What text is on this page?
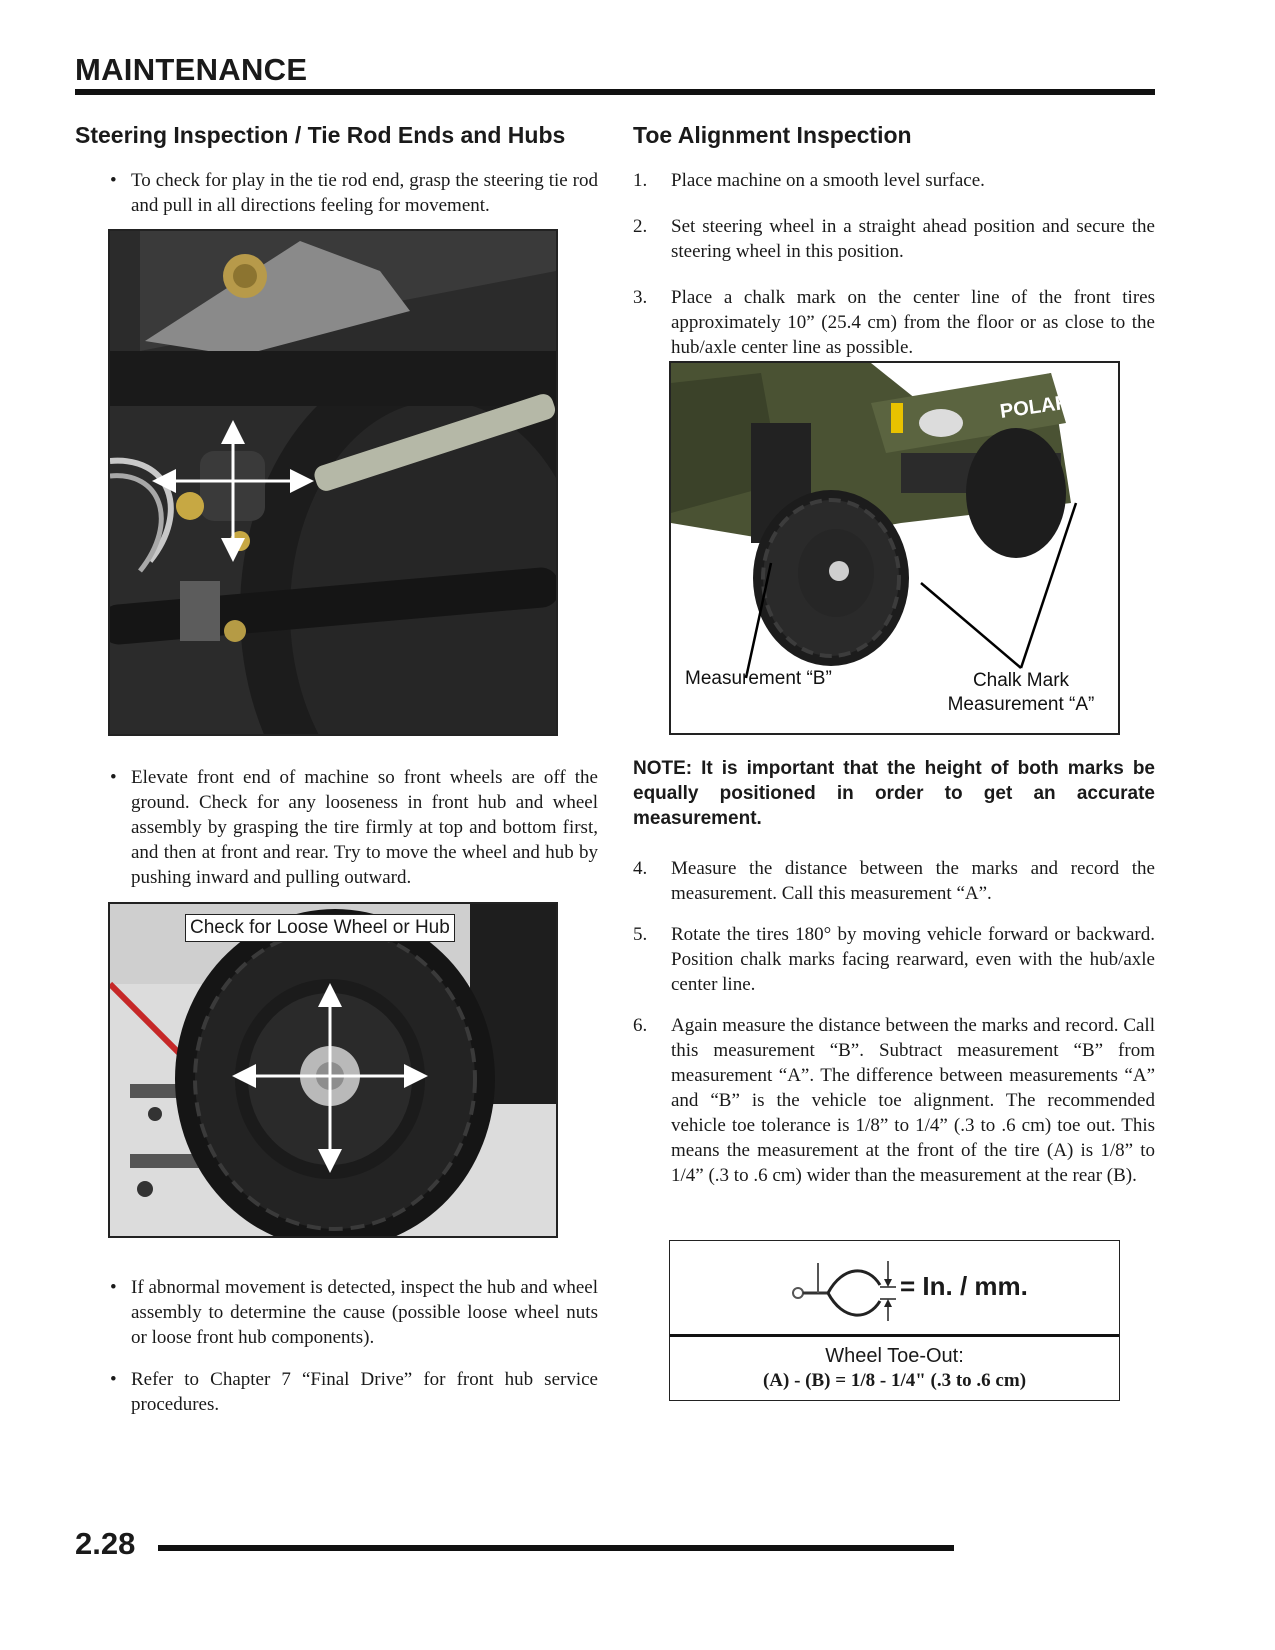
MAINTENANCE
Steering Inspection / Tie Rod Ends and Hubs
• To check for play in the tie rod end, grasp the steering tie rod and pull in all directions feeling for movement.
• Elevate front end of machine so front wheels are off the ground. Check for any looseness in front hub and wheel assembly by grasping the tire firmly at top and bottom first, and then at front and rear. Try to move the wheel and hub by pushing inward and pulling outward.
Check for Loose Wheel or Hub
• If abnormal movement is detected, inspect the hub and wheel assembly to determine the cause (possible loose wheel nuts or loose front hub components).
• Refer to Chapter 7 “Final Drive” for front hub service procedures.
Toe Alignment Inspection
1. Place machine on a smooth level surface.
2. Set steering wheel in a straight ahead position and secure the steering wheel in this position.
3. Place a chalk mark on the center line of the front tires approximately 10” (25.4 cm) from the floor or as close to the hub/axle center line as possible.
POLARIS
Measurement “B”	Chalk Mark
Measurement “A”
NOTE: It is important that the height of both marks be equally positioned in order to get an accurate measurement.
4. Measure the distance between the marks and record the measurement. Call this measurement “A”.
5. Rotate the tires 180° by moving vehicle forward or backward. Position chalk marks facing rearward, even with the hub/axle center line.
6. Again measure the distance between the marks and record. Call this measurement “B”. Subtract measurement “B” from measurement “A”. The difference between measurements “A” and “B” is the vehicle toe alignment. The recommended vehicle toe tolerance is 1/8” to 1/4” (.3 to .6 cm) toe out. This means the measurement at the front of the tire (A) is 1/8” to 1/4” (.3 to .6 cm) wider than the measurement at the rear (B).
= In. / mm.
Wheel Toe-Out:
(A) - (B) = 1/8 - 1/4" (.3 to .6 cm)
2.28
